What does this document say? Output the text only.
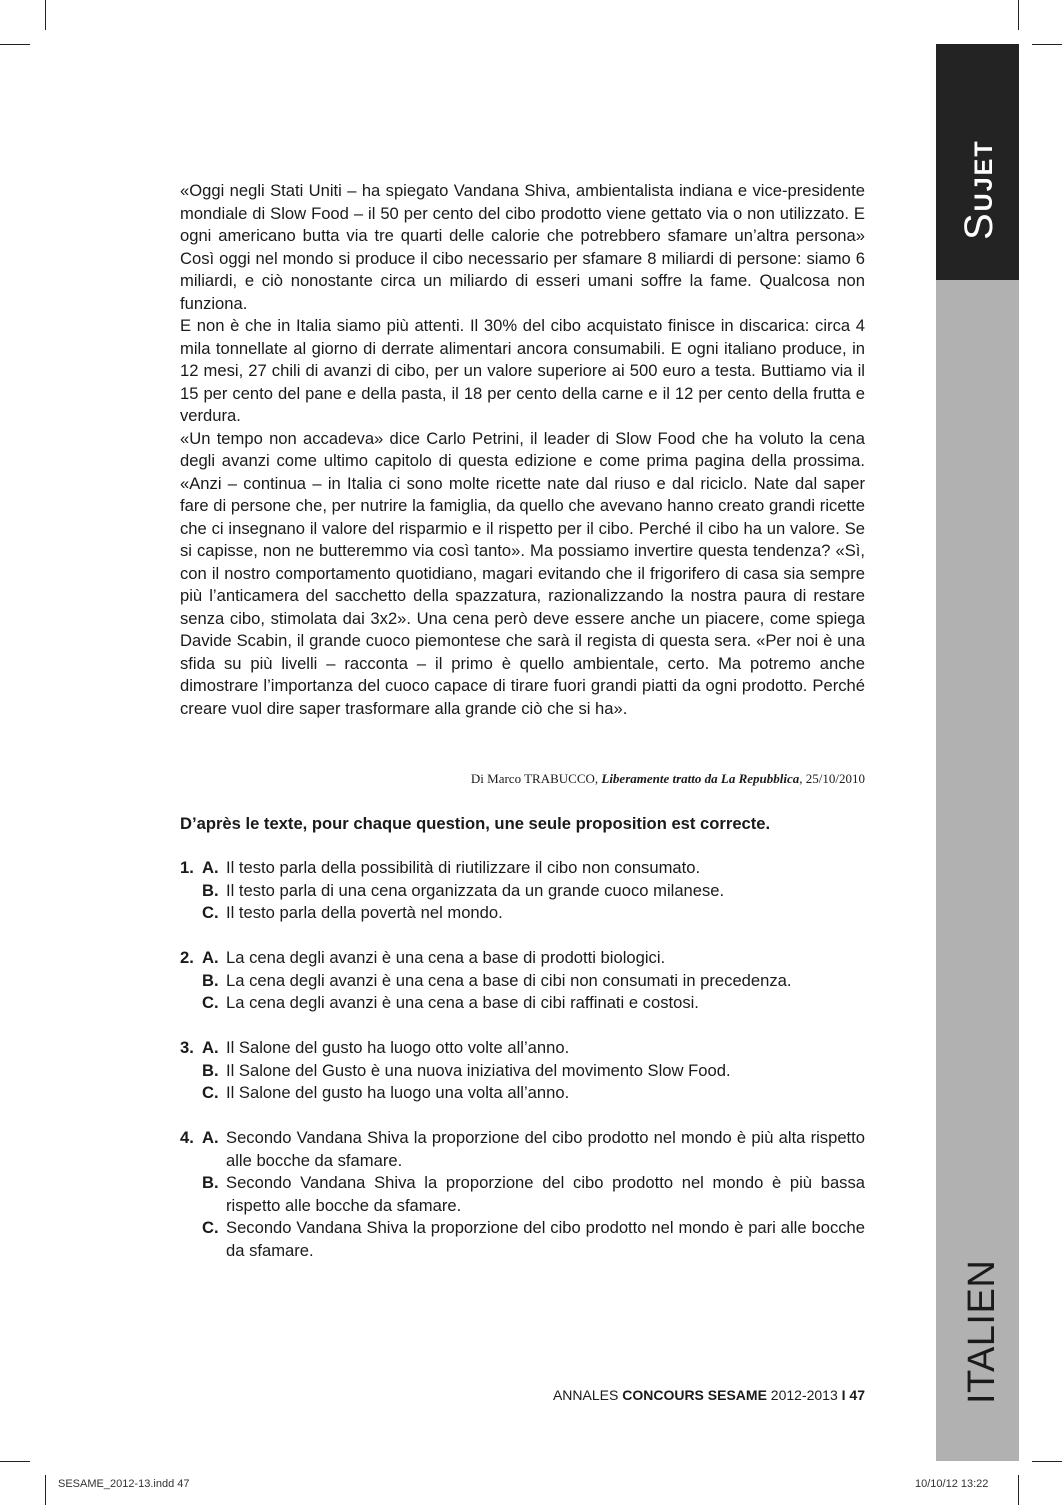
SUJET
ITALIEN

«Oggi negli Stati Uniti – ha spiegato Vandana Shiva, ambientalista indiana e vice-presidente mondiale di Slow Food – il 50 per cento del cibo prodotto viene gettato via o non utilizzato. E ogni americano butta via tre quarti delle calorie che potrebbero sfamare un’altra persona» Così oggi nel mondo si produce il cibo necessario per sfamare 8 miliardi di persone: siamo 6 miliardi, e ciò nonostante circa un miliardo di esseri umani soffre la fame. Qualcosa non funziona.

E non è che in Italia siamo più attenti. Il 30% del cibo acquistato finisce in discarica: circa 4 mila tonnellate al giorno di derrate alimentari ancora consumabili. E ogni italiano produce, in 12 mesi, 27 chili di avanzi di cibo, per un valore superiore ai 500 euro a testa. Buttiamo via il 15 per cento del pane e della pasta, il 18 per cento della carne e il 12 per cento della frutta e verdura.

«Un tempo non accadeva» dice Carlo Petrini, il leader di Slow Food che ha voluto la cena degli avanzi come ultimo capitolo di questa edizione e come prima pagina della prossima. «Anzi – continua – in Italia ci sono molte ricette nate dal riuso e dal riciclo. Nate dal saper fare di persone che, per nutrire la famiglia, da quello che avevano hanno creato grandi ricette che ci insegnano il valore del risparmio e il rispetto per il cibo. Perché il cibo ha un valore. Se si capisse, non ne butteremmo via così tanto». Ma possiamo invertire questa tendenza? «Sì, con il nostro comportamento quotidiano, magari evitando che il frigorifero di casa sia sempre più l’anticamera del sacchetto della spazzatura, razionalizzando la nostra paura di restare senza cibo, stimolata dai 3x2». Una cena però deve essere anche un piacere, come spiega Davide Scabin, il grande cuoco piemontese che sarà il regista di questa sera. «Per noi è una sfida su più livelli – racconta – il primo è quello ambientale, certo. Ma potremo anche dimostrare l’importanza del cuoco capace di tirare fuori grandi piatti da ogni prodotto. Perché creare vuol dire saper trasformare alla grande ciò che si ha».

Di Marco TRABUCCO, Liberamente tratto da La Repubblica, 25/10/2010
D’après le texte, pour chaque question, une seule proposition est correcte.
1. A. Il testo parla della possibilità di riutilizzare il cibo non consumato.
B. Il testo parla di una cena organizzata da un grande cuoco milanese.
C. Il testo parla della povertà nel mondo.
2. A. La cena degli avanzi è una cena a base di prodotti biologici.
B. La cena degli avanzi è una cena a base di cibi non consumati in precedenza.
C. La cena degli avanzi è una cena a base di cibi raffinati e costosi.
3. A. Il Salone del gusto ha luogo otto volte all’anno.
B. Il Salone del Gusto è una nuova iniziativa del movimento Slow Food.
C. Il Salone del gusto ha luogo una volta all’anno.
4. A. Secondo Vandana Shiva la proporzione del cibo prodotto nel mondo è più alta rispetto alle bocche da sfamare.
B. Secondo Vandana Shiva la proporzione del cibo prodotto nel mondo è più bassa rispetto alle bocche da sfamare.
C. Secondo Vandana Shiva la proporzione del cibo prodotto nel mondo è pari alle bocche da sfamare.
ANNALES CONCOURS SESAME 2012-2013 I 47
SESAME_2012-13.indd 47	10/10/12 13:22
